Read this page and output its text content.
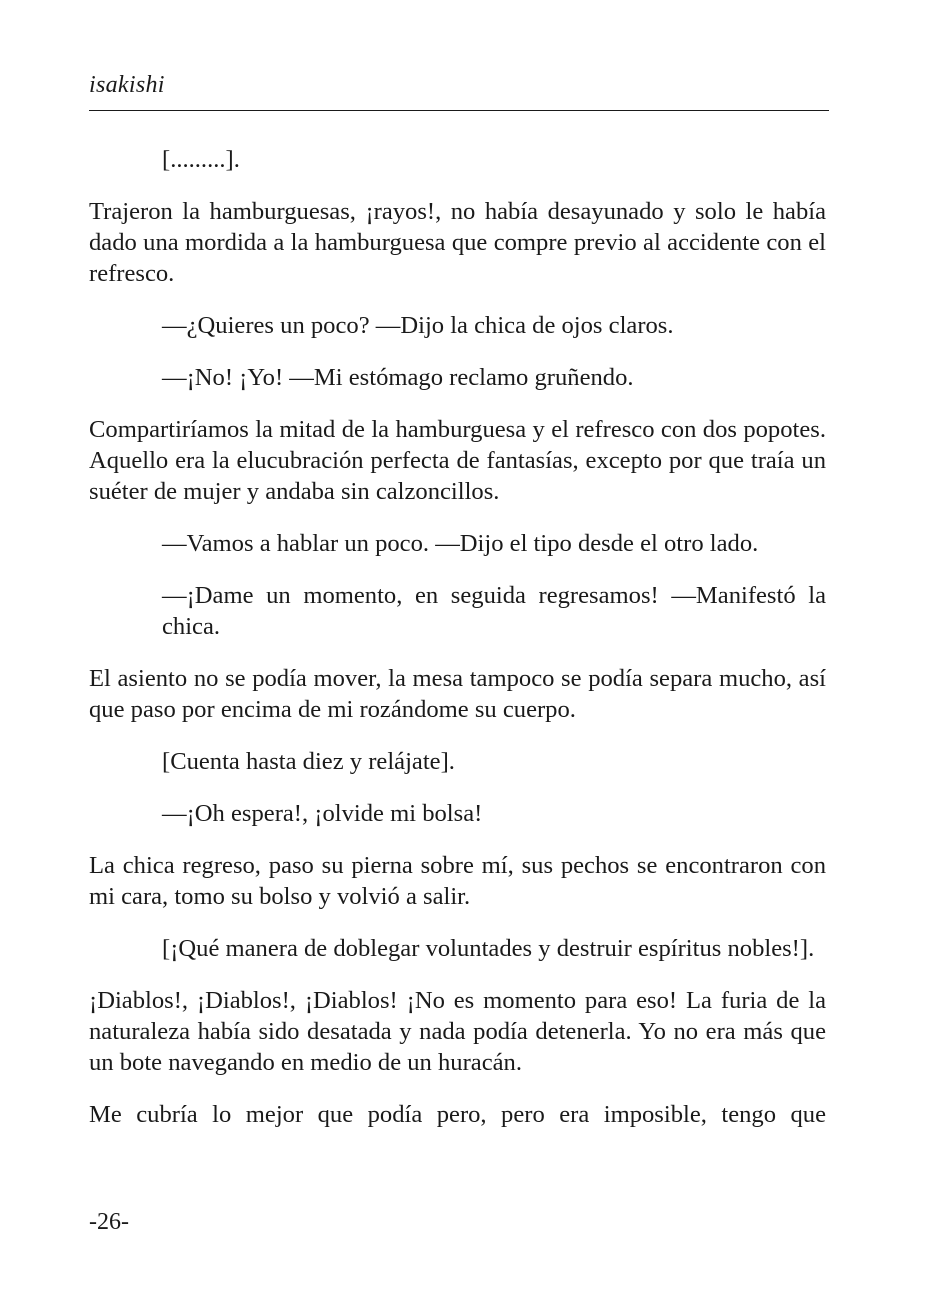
isakishi

[.........].

Trajeron la hamburguesas, ¡rayos!, no había desayunado y solo le había dado una mordida a la hamburguesa que compre previo al accidente con el refresco.

—¿Quieres un poco? —Dijo la chica de ojos claros.

—¡No! ¡Yo! —Mi estómago reclamo gruñendo.

Compartiríamos la mitad de la hamburguesa y el refresco con dos popotes. Aquello era la elucubración perfecta de fantasías, excepto por que traía un suéter de mujer y andaba sin calzoncillos.

—Vamos a hablar un poco. —Dijo el tipo desde el otro lado.

—¡Dame un momento, en seguida regresamos! —Manifestó la chica.

El asiento no se podía mover, la mesa tampoco se podía separa mucho, así que paso por encima de mi rozándome su cuerpo.

[Cuenta hasta diez y relájate].

—¡Oh espera!, ¡olvide mi bolsa!

La chica regreso, paso su pierna sobre mí, sus pechos se encontraron con mi cara, tomo su bolso y volvió a salir.

[¡Qué manera de doblegar voluntades y destruir espíritus nobles!].

¡Diablos!, ¡Diablos!, ¡Diablos! ¡No es momento para eso! La furia de la naturaleza había sido desatada y nada podía detenerla. Yo no era más que un bote navegando en medio de un huracán.

Me cubría lo mejor que podía pero, pero era imposible, tengo que

-26-
